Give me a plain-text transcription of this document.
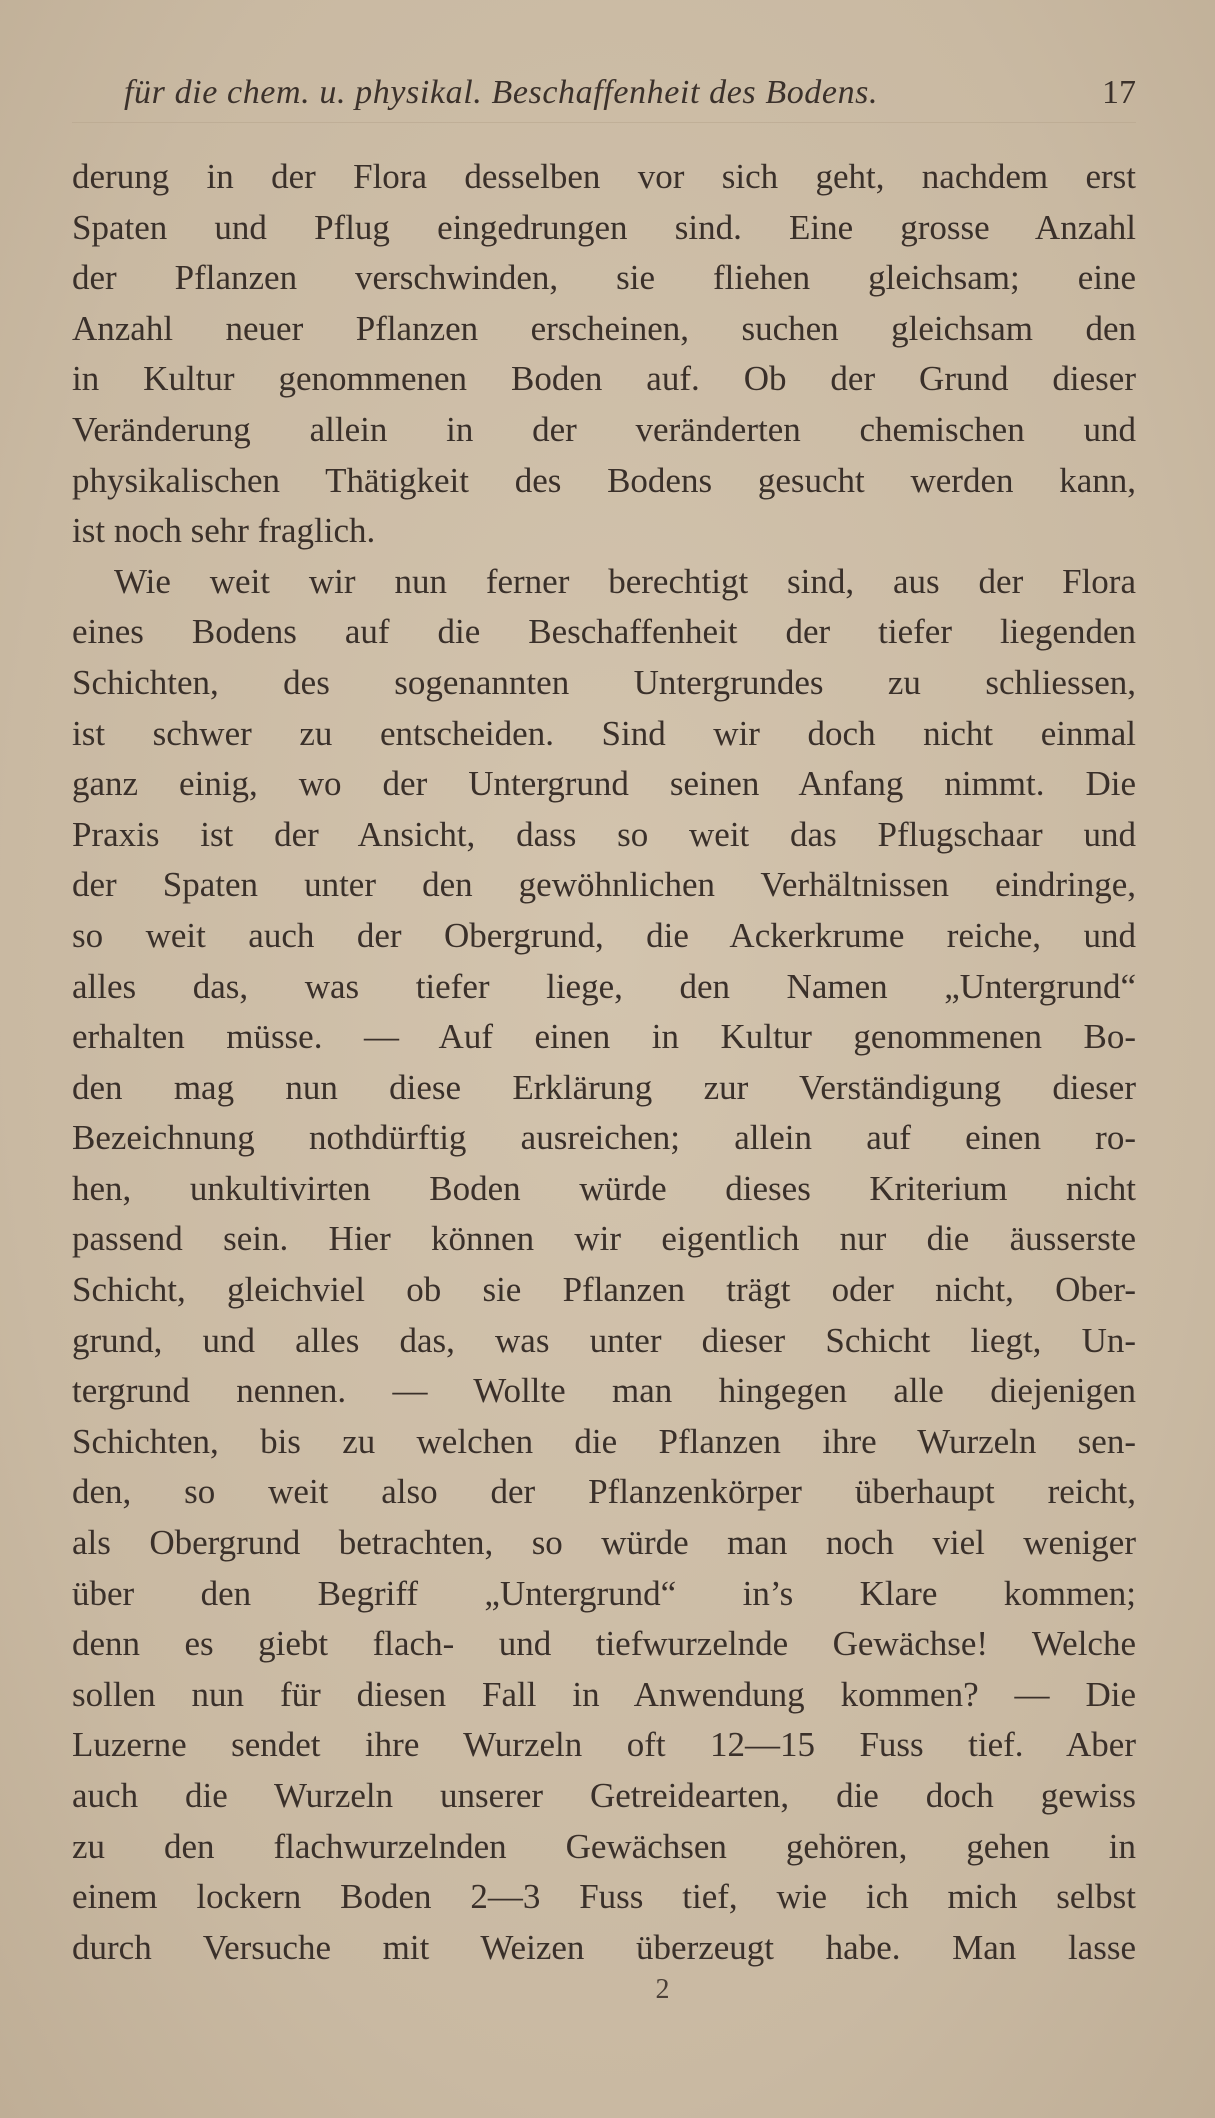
für die chem. u. physikal. Beschaffenheit des Bodens.	17
derung in der Flora desselben vor sich geht, nachdem erst
Spaten und Pflug eingedrungen sind. Eine grosse Anzahl
der Pflanzen verschwinden, sie fliehen gleichsam; eine
Anzahl neuer Pflanzen erscheinen, suchen gleichsam den
in Kultur genommenen Boden auf. Ob der Grund dieser
Veränderung allein in der veränderten chemischen und
physikalischen Thätigkeit des Bodens gesucht werden kann,
ist noch sehr fraglich.
Wie weit wir nun ferner berechtigt sind, aus der Flora
eines Bodens auf die Beschaffenheit der tiefer liegenden
Schichten, des sogenannten Untergrundes zu schliessen,
ist schwer zu entscheiden. Sind wir doch nicht einmal
ganz einig, wo der Untergrund seinen Anfang nimmt. Die
Praxis ist der Ansicht, dass so weit das Pflugschaar und
der Spaten unter den gewöhnlichen Verhältnissen eindringe,
so weit auch der Obergrund, die Ackerkrume reiche, und
alles das, was tiefer liege, den Namen „Untergrund“
erhalten müsse. — Auf einen in Kultur genommenen Bo-
den mag nun diese Erklärung zur Verständigung dieser
Bezeichnung nothdürftig ausreichen; allein auf einen ro-
hen, unkultivirten Boden würde dieses Kriterium nicht
passend sein. Hier können wir eigentlich nur die äusserste
Schicht, gleichviel ob sie Pflanzen trägt oder nicht, Ober-
grund, und alles das, was unter dieser Schicht liegt, Un-
tergrund nennen. — Wollte man hingegen alle diejenigen
Schichten, bis zu welchen die Pflanzen ihre Wurzeln sen-
den, so weit also der Pflanzenkörper überhaupt reicht,
als Obergrund betrachten, so würde man noch viel weniger
über den Begriff „Untergrund“ in’s Klare kommen;
denn es giebt flach- und tiefwurzelnde Gewächse! Welche
sollen nun für diesen Fall in Anwendung kommen? — Die
Luzerne sendet ihre Wurzeln oft 12—15 Fuss tief. Aber
auch die Wurzeln unserer Getreidearten, die doch gewiss
zu den flachwurzelnden Gewächsen gehören, gehen in
einem lockern Boden 2—3 Fuss tief, wie ich mich selbst
durch Versuche mit Weizen überzeugt habe. Man lasse
2
